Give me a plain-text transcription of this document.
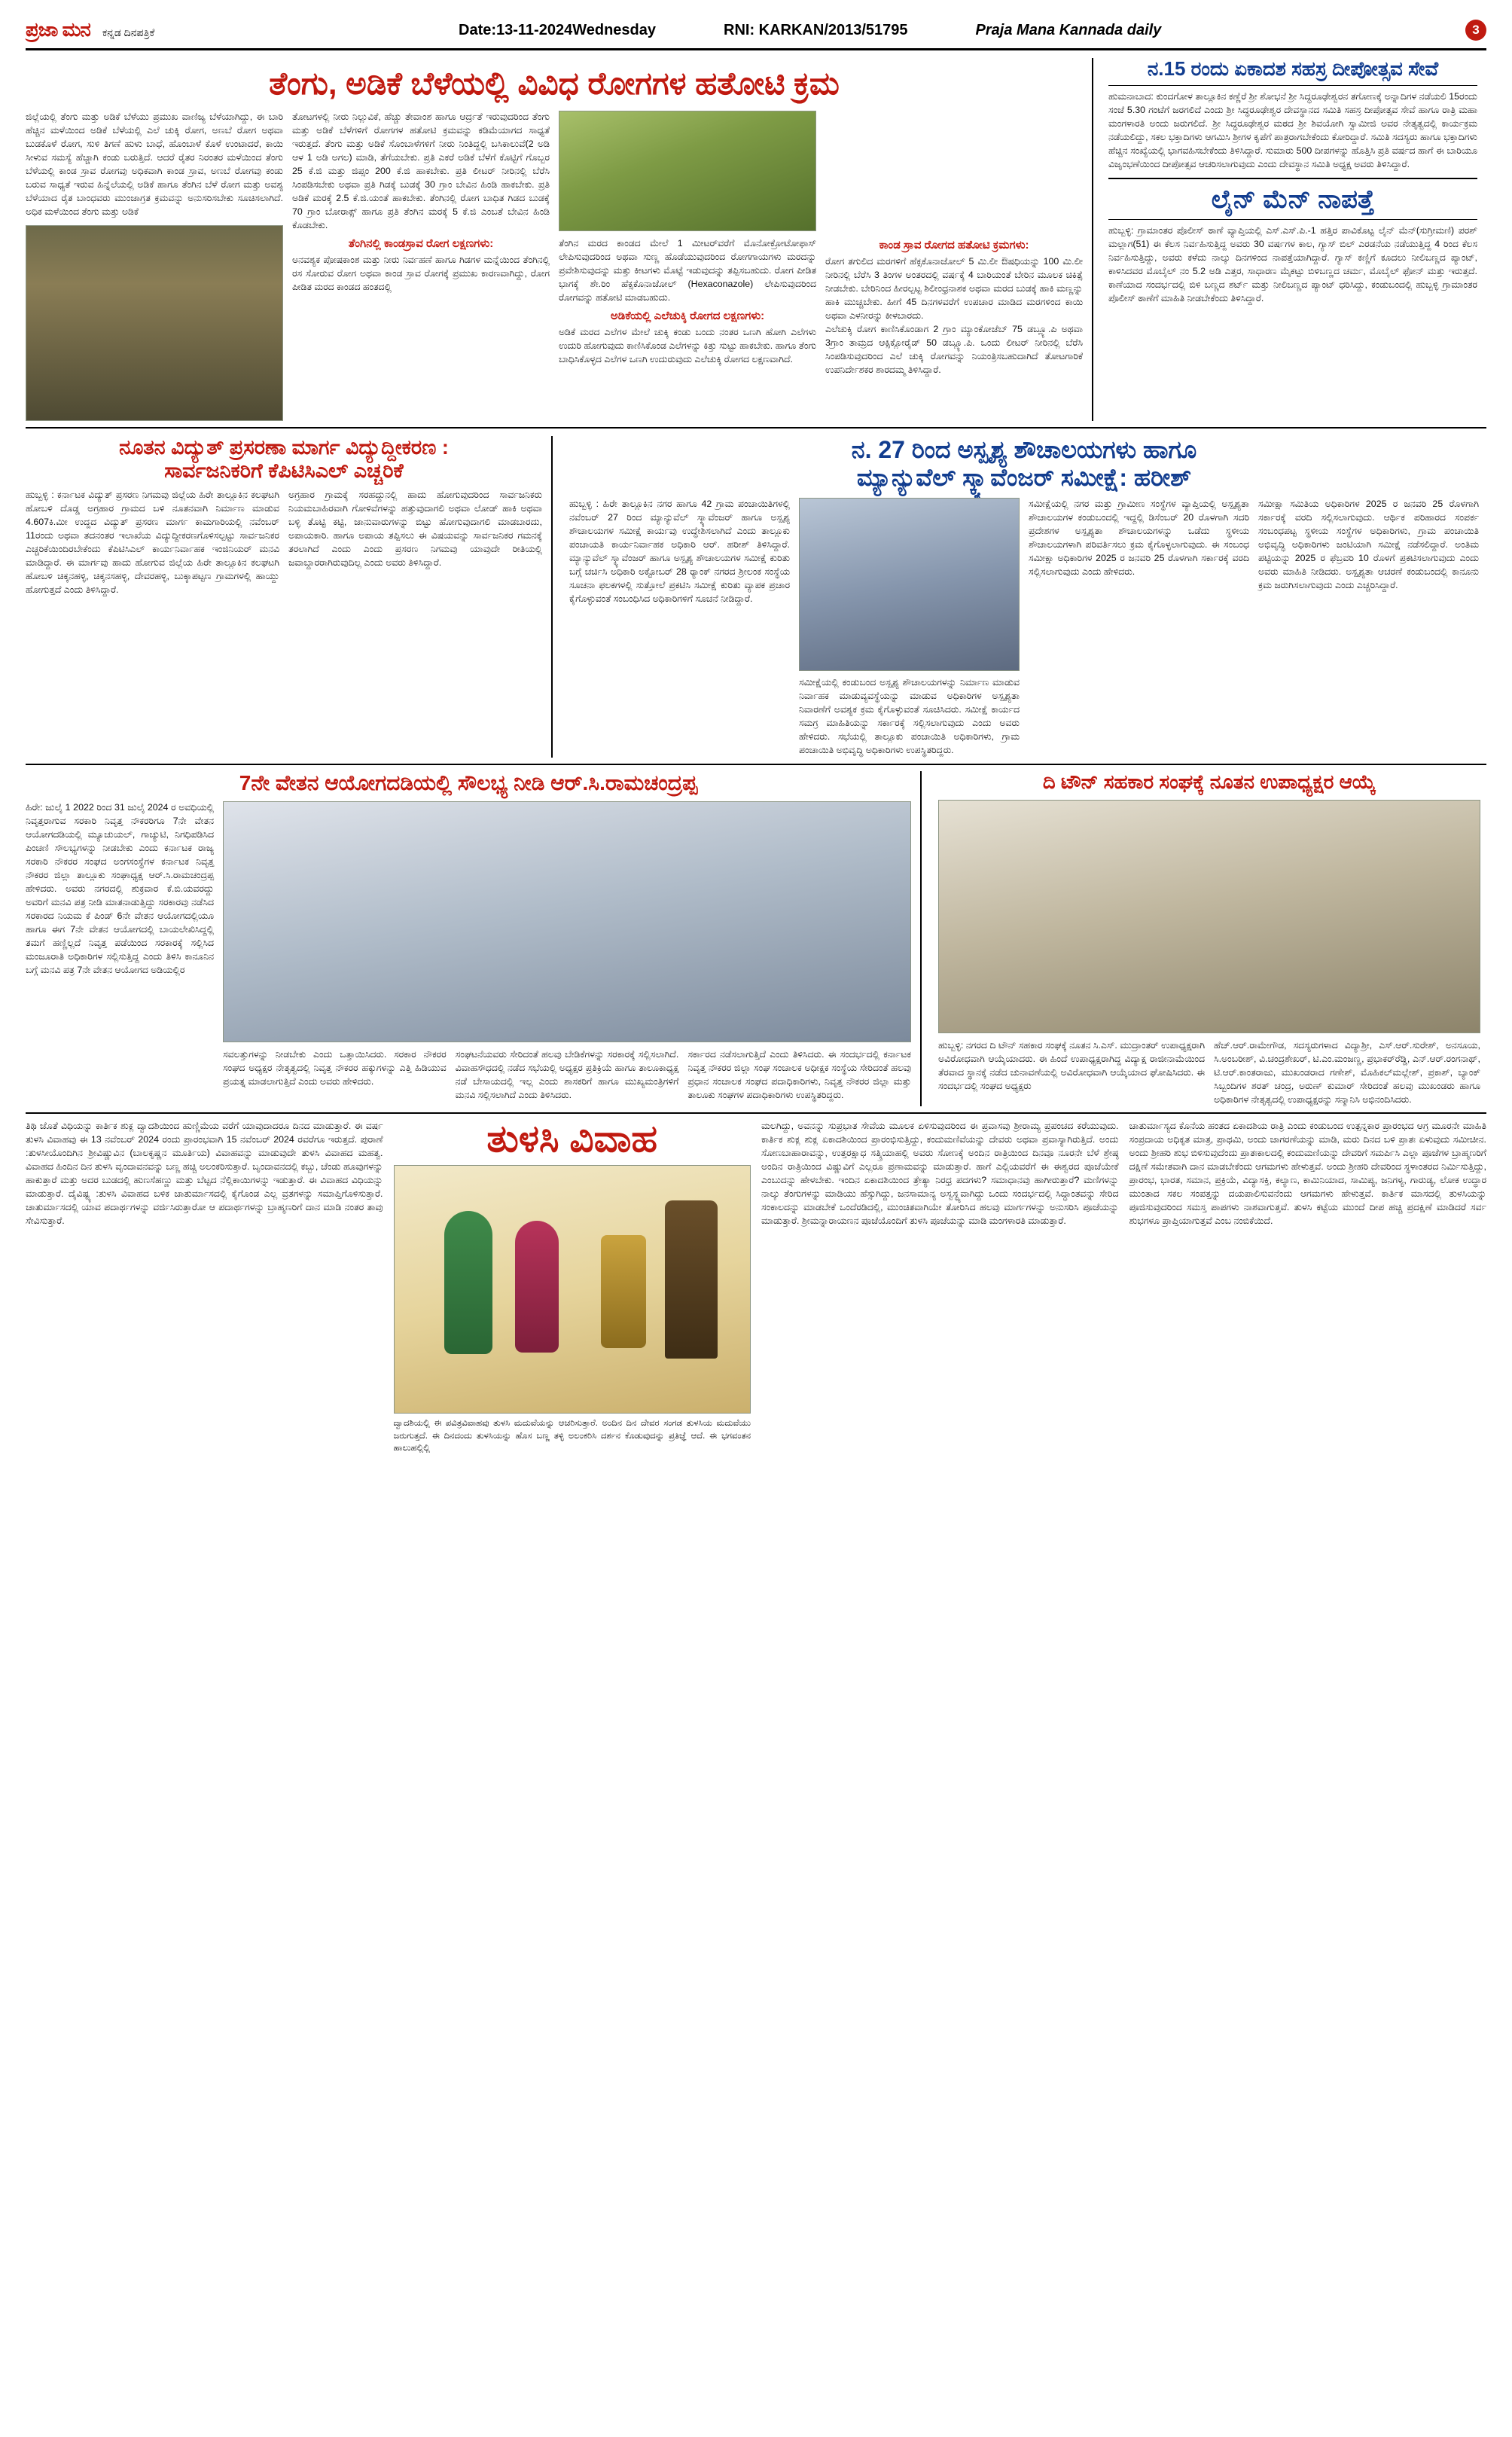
ಪ್ರಜಾ ಮನ ಕನ್ನಡ ದಿನಪತ್ರಿಕೆ	Date:13-11-2024Wednesday	RNI: KARKAN/2013/51795	Praja Mana Kannada daily	3
ತೆಂಗು, ಅಡಿಕೆ ಬೆಳೆಯಲ್ಲಿ ವಿವಿಧ ರೋಗಗಳ ಹತೋಟಿ ಕ್ರಮ
ಜಿಲ್ಲೆಯಲ್ಲಿ ತೆಂಗು ಮತ್ತು ಅಡಿಕೆ ಬೆಳೆಯು ಪ್ರಮುಖ ವಾಣಿಜ್ಯ ಬೆಳೆಯಾಗಿದ್ದು, ಈ ಬಾರಿ ಹೆಚ್ಚಿನ ಮಳೆಯಿಂದ ಅಡಿಕೆ ಬೆಳೆಯಲ್ಲಿ ಎಲೆ ಚುಕ್ಕಿ ರೋಗ, ಅಣಬೆ ರೋಗ ಅಥವಾ ಬುಡಕೊಳೆ ರೋಗ, ಸುಳಿ ತಿಗಣೆ ಹುಳು ಬಾಧೆ, ಹೊಂಬಾಳೆ ಕೊಳೆ ಉಂಟಾದರೆ, ಕಾಯಿ ಸೀಳುವ ಸಮಸ್ಯೆ ಹೆಚ್ಚಾಗಿ ಕಂಡು ಬರುತ್ತಿದೆ. ಆದರೆ ರೈತರ ನಿರಂತರ ಮಳೆಯಿಂದ ತೆಂಗು ಬೆಳೆಯಲ್ಲಿ ಕಾಂಡ ಸ್ರಾವ ರೋಗವು ಅಧಿಕವಾಗಿ ಕಾಂಡ ಸ್ರಾವ, ಅಣಬೆ ರೋಗವು ಕಂಡು ಬರುವ ಸಾಧ್ಯತೆ ಇರುವ ಹಿನ್ನೆಲೆಯಲ್ಲಿ ಅಡಿಕೆ ಹಾಗೂ ತೆಂಗಿನ ಬೆಳೆ ರೋಗ ಮತ್ತು ಅವಶ್ಯ ಬೆಳೆಯಾದ ರೈತ ಬಾಂಧವರು ಮುಂಜಾಗ್ರತ ಕ್ರಮವನ್ನು ಅನುಸರಿಸಬೇಕು ಸೂಚಿಸಲಾಗಿದೆ. ಅಧಿಕ ಮಳೆಯಿಂದ ತೆಂಗು ಮತ್ತು ಅಡಿಕೆ
ತೋಟಗಳಲ್ಲಿ ನೀರು ನಿಲ್ಲುವಿಕೆ, ಹೆಚ್ಚು ತೇವಾಂಶ ಹಾಗೂ ಆರ್ದ್ರತೆ ಇರುವುದರಿಂದ ತೆಂಗು ಮತ್ತು ಅಡಿಕೆ ಬೆಳೆಗಳಿಗೆ ರೋಗಗಳ ಹತೋಟಿ ಕ್ರಮವನ್ನು ಕಡಿಮೆಯಾಗದ ಸಾಧ್ಯತೆ ಇರುತ್ತದೆ. ತೆಂಗು ಮತ್ತು ಅಡಿಕೆ ಸೊಂಬಾಳೆಗಳಿಗೆ ನೀರು ನಿಂತಿದ್ದಲ್ಲಿ ಬಸಿಕಾಲುವೆ(2 ಅಡಿ ಆಳ 1 ಅಡಿ ಅಗಲ) ಮಾಡಿ, ತೆಗೆಯಬೇಕು. ಪ್ರತಿ ಎಕರೆ ಅಡಿಕೆ ಬೆಳೆಗೆ ಕೊಟ್ಟಿಗೆ ಗೊಬ್ಬರ 25 ಕೆ.ಜಿ ಮತ್ತು ಜಿಪ್ಸಂ 200 ಕೆ.ಜಿ ಹಾಕಬೇಕು. ಪ್ರತಿ ಲೀಟರ್ ನೀರಿನಲ್ಲಿ ಬೆರೆಸಿ ಸಿಂಪಡಿಸಬೇಕು ಅಥವಾ ಪ್ರತಿ ಗಿಡಕ್ಕೆ ಬುಡಕ್ಕೆ 30 ಗ್ರಾಂ ಬೇವಿನ ಹಿಂಡಿ ಹಾಕಬೇಕು. ಪ್ರತಿ ಅಡಿಕೆ ಮರಕ್ಕೆ 2.5 ಕೆ.ಜಿ.ಯಂತೆ ಹಾಕಬೇಕು. ತೆಂಗಿನಲ್ಲಿ ರೋಗ ಬಾಧಿತ ಗಿಡದ ಬುಡಕ್ಕೆ 70 ಗ್ರಾಂ ಬೋರಾಕ್ಸ್ ಹಾಗೂ ಪ್ರತಿ ತೆಂಗಿನ ಮರಕ್ಕೆ 5 ಕೆ.ಜಿ ಎಂಬತೆ ಬೇವಿನ ಹಿಂಡಿ ಕೊಡಬೇಕು.
ತೆಂಗಿನಲ್ಲಿ ಕಾಂಡಸ್ರಾವ ರೋಗ ಲಕ್ಷಣಗಳು:
ಅನವಶ್ಯಕ ಪೋಷಕಾಂಶ ಮತ್ತು ನೀರು ನಿರ್ವಹಣೆ ಹಾಗೂ ಗಿಡಗಳ ಮನ್ನೆಯಿಂದ ತೆಂಗಿನಲ್ಲಿ ರಸ ಸೋರುವ ರೋಗ ಅಥವಾ ಕಾಂಡ ಸ್ರಾವ ರೋಗಕ್ಕೆ ಪ್ರಮುಖ ಕಾರಣವಾಗಿದ್ದು, ರೋಗ ಪೀಡಿತ ಮರದ ಕಾಂಡದ ಹಂತದಲ್ಲಿ
ತೆಂಗಿನ ಮರದ ಕಾಂಡದ ಮೇಲೆ 1 ಮೀಟರ್‌ವರೆಗೆ ಮೊನೋಕ್ರೋಟೋಫಾಸ್ ಲೇಪಿಸುವುದರಿಂದ ಅಥವಾ ಸುಣ್ಣ ಹೊಡೆಯುವುದರಿಂದ ರೋಗಗಾಯಗಳು ಮರದನ್ನು ಪ್ರವೇಶಿಸುವುದನ್ನು ಮತ್ತು ಕೀಟಗಳು ಮೊಟ್ಟೆ ಇಡುವುದನ್ನು ತಪ್ಪಿಸಬಹುದು. ರೋಗ ಪೀಡಿತ ಭಾಗಕ್ಕೆ ಶೇ.ರಿಂ ಹೆಕ್ಸಕೊನಾಜೋಲ್ (Hexaconazole) ಲೇಪಿಸುವುದರಿಂದ ರೋಗವನ್ನು ಹತೋಟಿ ಮಾಡಬಹುದು.
ಅಡಿಕೆಯಲ್ಲಿ ಎಲೆಚುಕ್ಕಿ ರೋಗದ ಲಕ್ಷಣಗಳು:
ಅಡಿಕೆ ಮರದ ಎಲೆಗಳ ಮೇಲೆ ಚುಕ್ಕಿ ಕಂಡು ಬಂದು ನಂತರ ಒಣಗಿ ಹೋಗಿ ಎಲೆಗಳು ಉದುರಿ ಹೋಗುವುದು ಕಾಣಿಸಿಕೊಂಡ ಎಲೆಗಳನ್ನು ಕಿತ್ತು ಸುಟ್ಟು ಹಾಕಬೇಕು. ಹಾಗೂ ತೆಂಗು ಬಾಧಿಸಿಕೊಳ್ಳದ ಎಲೆಗಳ ಒಣಗಿ ಉದುರುವುದು ಎಲೆಚುಕ್ಕಿ ರೋಗದ ಲಕ್ಷಣವಾಗಿದೆ.
ಕಾಂಡ ಸ್ರಾವ ರೋಗದ ಹತೋಟಿ ಕ್ರಮಗಳು:
ರೋಗ ತಗುಲಿದ ಮರಗಳಿಗೆ ಹೆಕ್ಸಕೊನಾಜೋಲ್ 5 ಮಿ.ಲೀ ಔಷಧಿಯನ್ನು 100 ಮಿ.ಲೀ ನೀರಿನಲ್ಲಿ ಬೆರೆಸಿ 3 ತಿಂಗಳ ಅಂತರದಲ್ಲಿ ವರ್ಷಕ್ಕೆ 4 ಬಾರಿಯಂತೆ ಬೇರಿನ ಮೂಲಕ ಚಿಕಿತ್ಸೆ ನೀಡಬೇಕು. ಬೇರಿನಿಂದ ಹೀರಲ್ಪಟ್ಟ ಶಿಲೀಂಧ್ರನಾಶಕ ಅಥವಾ ಮರದ ಬುಡಕ್ಕೆ ಹಾಕಿ ಮಣ್ಣನ್ನು ಹಾಕಿ ಮುಚ್ಚಬೇಕು. ಹೀಗೆ 45 ದಿನಗಳವರೆಗೆ ಉಪಚಾರ ಮಾಡಿದ ಮರಗಳಿಂದ ಕಾಯಿ ಅಥವಾ ಎಳನೀರನ್ನು ಕೀಳಬಾರದು.
ಎಲೆಚುಕ್ಕಿ ರೋಗ ಕಾಣಿಸಿಕೊಂಡಾಗ 2 ಗ್ರಾಂ ಮ್ಯಾಂಕೋಜೆಬ್ 75 ಡಬ್ಲ್ಯೂ.ಪಿ ಅಥವಾ 3ಗ್ರಾಂ ತಾಮ್ರದ ಆಕ್ಸಿಕ್ಲೋರೈಡ್ 50 ಡಬ್ಲ್ಯೂ.ಪಿ. ಒಂದು ಲೀಟರ್ ನೀರಿನಲ್ಲಿ ಬೆರೆಸಿ ಸಿಂಪಡಿಸುವುದರಿಂದ ಎಲೆ ಚುಕ್ಕಿ ರೋಗವನ್ನು ನಿಯಂತ್ರಿಸಬಹುದಾಗಿದೆ ತೋಟಗಾರಿಕೆ ಉಪನಿರ್ದೇಶಕರ ಶಾರದಮ್ಮ ತಿಳಿಸಿದ್ದಾರೆ.
ನ.15 ರಂದು ಏಕಾದಶ ಸಹಸ್ರ ದೀಪೋತ್ಸವ ಸೇವೆ
ಹುಮನಾಬಾದ: ಕುಂದಗೋಳ ತಾಲ್ಲೂಕಿನ ಕಣ್ಣೆರೆ ಶ್ರೀ ಶೋಭನೆ ಶ್ರೀ ಸಿದ್ಧರೂಢೇಶ್ವರನ ತಗೋಣಕ್ಕೆ ಅನ್ನಾದಿಗಳ ನಡೆಯಲಿ 15ರಂದು ಸಂಜೆ 5.30 ಗಂಟೆಗೆ ಜರಗಲಿದೆ ಎಂದು ಶ್ರೀ ಸಿದ್ಧರೂಢೇಶ್ವರ ದೇವಸ್ಥಾನದ ಸಮಿತಿ ಸಹಸ್ರ ದೀಪೋತ್ಸವ ಸೇವೆ ಹಾಗೂ ರಾತ್ರಿ ಮಹಾ ಮಂಗಳಾರತಿ ಅಂದು ಜರುಗಲಿದೆ. ಶ್ರೀ ಸಿದ್ಧರೂಢೇಶ್ವರ ಮಠದ ಶ್ರೀ ಶಿವಯೋಗಿ ಸ್ವಾಮೀಜಿ ಅವರ ನೇತೃತ್ವದಲ್ಲಿ ಕಾರ್ಯಕ್ರಮ ನಡೆಯಲಿದ್ದು, ಸಕಲ ಭಕ್ತಾದಿಗಳು ಆಗಮಿಸಿ ಶ್ರೀಗಳ ಕೃಪೆಗೆ ಪಾತ್ರರಾಗಬೇಕೆಂದು ಕೋರಿದ್ದಾರೆ. ಸಮಿತಿ ಸದಸ್ಯರು ಹಾಗೂ ಭಕ್ತಾದಿಗಳು ಹೆಚ್ಚಿನ ಸಂಖ್ಯೆಯಲ್ಲಿ ಭಾಗವಹಿಸಬೇಕೆಂದು ತಿಳಿಸಿದ್ದಾರೆ. ಸುಮಾರು 500 ದೀಪಗಳನ್ನು ಹೊತ್ತಿಸಿ ಪ್ರತಿ ವರ್ಷದ ಹಾಗೆ ಈ ಬಾರಿಯೂ ವಿಜೃಂಭಣೆಯಿಂದ ದೀಪೋತ್ಸವ ಆಚರಿಸಲಾಗುವುದು ಎಂದು ದೇವಸ್ಥಾನ ಸಮಿತಿ ಅಧ್ಯಕ್ಷ ಅವರು ತಿಳಿಸಿದ್ದಾರೆ.
ಲೈನ್ ಮೆನ್ ನಾಪತ್ತೆ
ಹುಬ್ಬಳ್ಳಿ: ಗ್ರಾಮಾಂತರ ಪೊಲೀಸ್ ಠಾಣೆ ವ್ಯಾಪ್ತಿಯಲ್ಲಿ ಎಸ್.ಎಸ್.ಪಿ.-1 ಹತ್ತಿರ ಪಾವಿಕೊಟ್ಟ ಲೈನ್ ಮೆನ್(ಸುಗ್ರೀಮಣಿ) ಪರಶ್ ಮಲ್ಲಾಗ(51) ಈ ಕೆಲಸ ನಿರ್ವಹಿಸುತ್ತಿದ್ದ ಅವರು 30 ವರ್ಷಗಳ ಕಾಲ, ಗ್ಯಾಸ್ ಬಿಲ್ ಎರಡನೆಯ ನಡೆಯುತ್ತಿದ್ದ 4 ರಿಂದ ಕೆಲಸ ನಿರ್ವಹಿಸುತ್ತಿದ್ದು, ಅವರು ಕಳೆದು ನಾಲ್ಕು ದಿನಗಳಿಂದ ನಾಪತ್ತೆಯಾಗಿದ್ದಾರೆ. ಗ್ಯಾಸ್ ಕಣ್ಣಿಗೆ ಕೂದಲು ನೀಲಿಬಣ್ಣದ ಪ್ಯಾಂಟ್, ಕಾಳಿಸಿದವರ ಮೊಬೈಲ್ ನಂ 5.2 ಅಡಿ ಎತ್ತರ, ಸಾಧಾರಣ ಮೈಕಟ್ಟು ಬಿಳಿಬಣ್ಣದ ಚರ್ಮ, ಮೊಬೈಲ್ ಫೋನ್ ಮತ್ತು ಇರುತ್ತದೆ. ಕಾಣೆಯಾದ ಸಂದರ್ಭದಲ್ಲಿ ಬಿಳಿ ಬಣ್ಣದ ಶರ್ಟ್ ಮತ್ತು ನೀಲಿಬಣ್ಣದ ಪ್ಯಾಂಟ್ ಧರಿಸಿದ್ದು, ಕಂಡುಬಂದಲ್ಲಿ ಹುಬ್ಬಳ್ಳಿ ಗ್ರಾಮಾಂತರ ಪೊಲೀಸ್ ಠಾಣೆಗೆ ಮಾಹಿತಿ ನೀಡಬೇಕೆಂದು ತಿಳಿಸಿದ್ದಾರೆ.
ನೂತನ ವಿದ್ಯುತ್ ಪ್ರಸರಣಾ ಮಾರ್ಗ ವಿದ್ಯುದ್ದೀಕರಣ :
ಸಾರ್ವಜನಿಕರಿಗೆ ಕೆಪಿಟಿಸಿಎಲ್ ಎಚ್ಚರಿಕೆ
ಹುಬ್ಬಳ್ಳಿ : ಕರ್ನಾಟಕ ವಿದ್ಯುತ್ ಪ್ರಸರಣ ನಿಗಮವು ಜಿಲ್ಲೆಯ ಹಿರೇ ತಾಲ್ಲೂಕಿನ ಕಲಘಟಗಿ ಹೋಬಳಿ ದೊಡ್ಡ ಅಗ್ರಹಾರ ಗ್ರಾಮದ ಬಳಿ ನೂತನವಾಗಿ ನಿರ್ಮಾಣ ಮಾಡುವ 4.607ಕಿ.ಮೀ ಉದ್ದದ ವಿದ್ಯುತ್ ಪ್ರಸರಣ ಮಾರ್ಗ ಕಾಮಗಾರಿಯಲ್ಲಿ ನವೆಂಬರ್ 11ರಂದು ಅಥವಾ ತದನಂತರ ಇಲಾಖೆಯ ವಿದ್ಯುದ್ದೀಕರಣಗೊಳಿಸಲ್ಪಟ್ಟು ಸಾರ್ವಜನಿಕರ ಎಚ್ಚರಿಕೆಯಿಂದಿರಬೇಕೆಂದು ಕೆಪಿಟಿಸಿಎಲ್ ಕಾರ್ಯನಿರ್ವಾಹಕ ಇಂಜಿನಿಯರ್ ಮನವಿ ಮಾಡಿದ್ದಾರೆ. ಈ ಮಾರ್ಗವು ಹಾದು ಹೋಗುವ ಜಿಲ್ಲೆಯ ಹಿರೇ ತಾಲ್ಲೂಕಿನ ಕಲಘಟಗಿ ಹೋಬಳಿ ಚಿಕ್ಕನಹಳ್ಳಿ, ಚಿಕ್ಕನಸಹಳ್ಳಿ, ದೇವರಹಳ್ಳಿ, ಬುಕ್ಕಾಪಟ್ಟಣ ಗ್ರಾಮಗಳಲ್ಲಿ ಹಾಯ್ದು ಹೋಗುತ್ತದೆ ಎಂದು ತಿಳಿಸಿದ್ದಾರೆ.
ಅಗ್ರಹಾರ ಗ್ರಾಮಕ್ಕೆ ಸರಹದ್ದುನಲ್ಲಿ ಹಾದು ಹೋಗುವುದರಿಂದ ಸಾರ್ವಜನಿಕರು ನಿಯಮಬಾಹಿರವಾಗಿ ಗೋಳಿವೆಗಳನ್ನು ಹತ್ತುವುದಾಗಲಿ ಅಥವಾ ಲೋಡ್ ಹಾಕಿ ಅಥವಾ ಬಳ್ಳಿ ತೊಟ್ಟಿ ಕಟ್ಟಿ, ಜಾನುವಾರುಗಳನ್ನು ಬಿಟ್ಟು ಹೋಗುವುದಾಗಲಿ ಮಾಡಬಾರದು, ಅಪಾಯಕಾರಿ. ಹಾಗೂ ಅಪಾಯ ತಪ್ಪಿಸಲು ಈ ವಿಷಯವನ್ನು ಸಾರ್ವಜನಿಕರ ಗಮನಕ್ಕೆ ತರಲಾಗಿದೆ ಎಂದು ಎಂದು ಪ್ರಸರಣ ನಿಗಮವು ಯಾವುದೇ ರೀತಿಯಲ್ಲಿ ಜವಾಬ್ದಾರರಾಗಿರುವುದಿಲ್ಲ ಎಂದು ಅವರು ತಿಳಿಸಿದ್ದಾರೆ.
ನ. 27 ರಿಂದ ಅಸ್ಪೃಶ್ಯ ಶೌಚಾಲಯಗಳು ಹಾಗೂ
ಮ್ಯಾನ್ಯುವೆಲ್ ಸ್ಕ್ಯಾವೆಂಜರ್ ಸಮೀಕ್ಷೆ: ಹರೀಶ್
ಹುಬ್ಬಳ್ಳಿ : ಹಿರೇ ತಾಲ್ಲೂಕಿನ ನಗರ ಹಾಗೂ 42 ಗ್ರಾಮ ಪಂಚಾಯಿತಿಗಳಲ್ಲಿ ನವೆಂಬರ್ 27 ರಿಂದ ಮ್ಯಾನ್ಯುವೆಲ್ ಸ್ಕ್ಯಾವೆಂಜರ್ ಹಾಗೂ ಅಸ್ಪೃಶ್ಯ ಶೌಚಾಲಯಗಳ ಸಮೀಕ್ಷೆ ಕಾರ್ಯವು ಉದ್ಧೇಶಿಸಲಾಗಿದೆ ಎಂದು ತಾಲ್ಲೂಕು ಪಂಚಾಯತಿ ಕಾರ್ಯನಿರ್ವಾಹಕ ಅಧಿಕಾರಿ ಆರ್. ಹರೀಶ್ ತಿಳಿಸಿದ್ದಾರೆ. ಮ್ಯಾನ್ಯುವೆಲ್ ಸ್ಕ್ಯಾವೆಂಜರ್ ಹಾಗೂ ಅಸ್ಪೃಶ್ಯ ಶೌಚಾಲಯಗಳ ಸಮೀಕ್ಷೆ ಕುರಿತು ಬಗ್ಗೆ ಚರ್ಚಿಸಿ ಅಧಿಕಾರಿ ಅಕ್ಟೋಬರ್ 28 ರ‍್ಯಾಂಕ್ ನಗರದ ಶ್ರೀಲಂಕ ಸಂಸ್ಥೆಯ ಸೂಚನಾ ಫಲಕಗಳಲ್ಲಿ ಸುತ್ತೋಲೆ ಪ್ರಕಟಿಸಿ ಸಮೀಕ್ಷೆ ಕುರಿತು ವ್ಯಾಪಕ ಪ್ರಚಾರ ಕೈಗೊಳ್ಳುವಂತೆ ಸಂಬಂಧಿಸಿದ ಅಧಿಕಾರಿಗಳಿಗೆ ಸೂಚನೆ ನೀಡಿದ್ದಾರೆ.
ಸಮೀಕ್ಷೆಯಲ್ಲಿ ಕಂಡುಬಂದ ಅಸ್ಪೃಶ್ಯ ಶೌಚಾಲಯಗಳನ್ನು ನಿರ್ಮಾಣ ಮಾಡುವ ನಿರ್ವಾಹಕ ಮಾಡುವ್ಯವಸ್ಥೆಯನ್ನು ಮಾಡುವ ಅಧಿಕಾರಿಗಳ ಅಸ್ಪೃಶ್ಯತಾ ನಿವಾರಣೆಗೆ ಅವಶ್ಯಕ ಕ್ರಮ ಕೈಗೊಳ್ಳುವಂತೆ ಸೂಚಿಸಿದರು. ಸಮೀಕ್ಷೆ ಕಾರ್ಯದ ಸಮಗ್ರ ಮಾಹಿತಿಯನ್ನು ಸರ್ಕಾರಕ್ಕೆ ಸಲ್ಲಿಸಲಾಗುವುದು ಎಂದು ಅವರು ಹೇಳಿದರು. ಸಭೆಯಲ್ಲಿ ತಾಲ್ಲೂಕು ಪಂಚಾಯಿತಿ ಅಧಿಕಾರಿಗಳು, ಗ್ರಾಮ ಪಂಚಾಯಿತಿ ಅಭಿವೃದ್ಧಿ ಅಧಿಕಾರಿಗಳು ಉಪಸ್ಥಿತರಿದ್ದರು.
ಸಮೀಕ್ಷೆಯಲ್ಲಿ ನಗರ ಮತ್ತು ಗ್ರಾಮೀಣ ಸಂಸ್ಥೆಗಳ ವ್ಯಾಪ್ತಿಯಲ್ಲಿ ಅಸ್ಪೃಶ್ಯತಾ ಶೌಚಾಲಯಗಳ ಕಂಡುಬಂದಲ್ಲಿ ಇದ್ದಲ್ಲಿ ಡಿಸೆಂಬರ್ 20 ರೊಳಗಾಗಿ ಸದರಿ ಪ್ರದೇಶಗಳ ಅಸ್ಪೃಶ್ಯತಾ ಶೌಚಾಲಯಗಳನ್ನು ಒಡೆದು ಸ್ಥಳೀಯ ಶೌಚಾಲಯಗಳಾಗಿ ಪರಿವರ್ತಿಸಲು ಕ್ರಮ ಕೈಗೊಳ್ಳಲಾಗುವುದು. ಈ ಸಂಬಂಧ ಸಮೀಕ್ಷಾ ಅಧಿಕಾರಿಗಳ 2025 ರ ಜನವರಿ 25 ರೊಳಗಾಗಿ ಸರ್ಕಾರಕ್ಕೆ ವರದಿ ಸಲ್ಲಿಸಲಾಗುವುದು ಎಂದು ಹೇಳಿದರು.
ಸಮೀಕ್ಷಾ ಸಮಿತಿಯ ಅಧಿಕಾರಿಗಳ 2025 ರ ಜನವರಿ 25 ರೊಳಗಾಗಿ ಸರ್ಕಾರಕ್ಕೆ ವರದಿ ಸಲ್ಲಿಸಲಾಗುವುದು. ಆರ್ಥಿಕ ಪರಿಹಾರದ ಸಂಪರ್ಕ ಸಂಬಂಧಪಟ್ಟ ಸ್ಥಳೀಯ ಸಂಸ್ಥೆಗಳ ಅಧಿಕಾರಿಗಳು, ಗ್ರಾಮ ಪಂಚಾಯಿತಿ ಅಭಿವೃದ್ಧಿ ಅಧಿಕಾರಿಗಳು ಜಂಟಿಯಾಗಿ ಸಮೀಕ್ಷೆ ನಡೆಸಲಿದ್ದಾರೆ. ಅಂತಿಮ ಪಟ್ಟಿಯನ್ನು 2025 ರ ಫೆಬ್ರವರಿ 10 ರೊಳಗೆ ಪ್ರಕಟಿಸಲಾಗುವುದು ಎಂದು ಅವರು ಮಾಹಿತಿ ನೀಡಿದರು. ಅಸ್ಪೃಶ್ಯತಾ ಆಚರಣೆ ಕಂಡುಬಂದಲ್ಲಿ ಕಾನೂನು ಕ್ರಮ ಜರುಗಿಸಲಾಗುವುದು ಎಂದು ಎಚ್ಚರಿಸಿದ್ದಾರೆ.
7ನೇ ವೇತನ ಆಯೋಗದಡಿಯಲ್ಲಿ ಸೌಲಭ್ಯ ನೀಡಿ ಆರ್.ಸಿ.ರಾಮಚಂದ್ರಪ್ಪ
ಹಿರೇ: ಜುಲೈ 1 2022 ರಿಂದ 31 ಜುಲೈ 2024 ರ ಅವಧಿಯಲ್ಲಿ ನಿವೃತ್ತರಾಗುವ ಸರಕಾರಿ ನಿವೃತ್ತ ನೌಕರರಿಗೂ 7ನೇ ವೇತನ ಆಯೋಗದಡಿಯಲ್ಲಿ ಮ್ಯೂಚುಯಲ್, ಗಾಚ್ಯುಟಿ, ನಿಗಧಿಪಡಿಸಿದ ಪಿಂಚಣಿ ಸೌಲಭ್ಯಗಳನ್ನು ನೀಡಬೇಕು ಎಂದು ಕರ್ನಾಟಕ ರಾಜ್ಯ ಸರಕಾರಿ ನೌಕರರ ಸಂಘದ ಅಂಗಸಂಸ್ಥೆಗಳ ಕರ್ನಾಟಕ ನಿವೃತ್ತ ನೌಕರರ ಜಿಲ್ಲಾ ತಾಲ್ಲೂಕು ಸಂಘಾಧ್ಯಕ್ಷ ಆರ್.ಸಿ.ರಾಮಚಂದ್ರಪ್ಪ ಹೇಳಿದರು. ಅವರು ನಗರದಲ್ಲಿ ಶುಕ್ರವಾರ ಕೆ.ಬಿ.ಯವರದ್ದು ಅವರಿಗೆ ಮನವಿ ಪತ್ರ ನೀಡಿ ಮಾತನಾಡುತ್ತಿದ್ದು ಸರಕಾರವು ನಡೆಸಿದ ಸರಕಾರದ ನಿಯಮ ಕೆ ಪಿಂಡ್ 6ನೇ ವೇತನ ಆಯೋಗದಲ್ಲಿಯೂ ಹಾಗೂ ಈಗ 7ನೇ ವೇತನ ಆಯೋಗದಲ್ಲಿ ಬಾಯಲೇಖಿಸಿದ್ದಲ್ಲಿ ತಮಗೆ ಹಣ್ಣಿಲ್ಲದೆ ನಿವೃತ್ತ ಪಡೆಯಿಂದ ಸರಕಾರಕ್ಕೆ ಸಲ್ಲಿಸಿದ ಮಂಜೂರಾತಿ ಅಧಿಕಾರಿಗಳ ಸಲ್ಲಿಸುತ್ತಿದ್ದ ಎಂದು ತಿಳಿಸಿ ಕಾನೂನಿನ ಬಗ್ಗೆ ಮನವಿ ಪತ್ರ 7ನೇ ವೇತನ ಆಯೋಗದ ಅಡಿಯಲ್ಲಿರ
ಸವಲತ್ತುಗಳನ್ನು ನೀಡಬೇಕು ಎಂದು ಒತ್ತಾಯಿಸಿದರು. ಸರಕಾರ ನೌಕರರ ಸಂಘದ ಅಧ್ಯಕ್ಷರ ನೇತೃತ್ವದಲ್ಲಿ ನಿವೃತ್ತ ನೌಕರರ ಹಕ್ಕುಗಳನ್ನು ಎತ್ತಿ ಹಿಡಿಯುವ ಪ್ರಯತ್ನ ಮಾಡಲಾಗುತ್ತಿದೆ ಎಂದು ಅವರು ಹೇಳಿದರು.
ಸಂಘಟನೆಯವರು ಸೇರಿದಂತೆ ಹಲವು ಬೇಡಿಕೆಗಳನ್ನು ಸರಕಾರಕ್ಕೆ ಸಲ್ಲಿಸಲಾಗಿದೆ. ವಿವಾಹಸೌಧದಲ್ಲಿ ನಡೆದ ಸಭೆಯಲ್ಲಿ ಅಧ್ಯಕ್ಷರ ಪ್ರತಿಕ್ರಿಯೆ ಹಾಗೂ ತಾಲೂಕಾಧ್ಯಕ್ಷ ನಡೆ ಬೇಸಾಯದಲ್ಲಿ ಇಲ್ಲ ಎಂದು ಶಾಸಕರಿಗೆ ಹಾಗೂ ಮುಖ್ಯಮಂತ್ರಿಗಳಿಗೆ ಮನವಿ ಸಲ್ಲಿಸಲಾಗಿದೆ ಎಂದು ತಿಳಿಸಿದರು.
ಸರ್ಕಾರದ ನಡೆಸಲಾಗುತ್ತಿದೆ ಎಂದು ತಿಳಿಸಿದರು. ಈ ಸಂದರ್ಭದಲ್ಲಿ ಕರ್ನಾಟಕ ನಿವೃತ್ತ ನೌಕರರ ಜಿಲ್ಲಾ ಸಂಘ ಸಂಚಾಲಕ ಅಧೀಕ್ಷಕ ಸಂಸ್ಥೆಯ ಸೇರಿದಂತೆ ಹಲವು ಪ್ರಧಾನ ಸಂಚಾಲಕ ಸಂಘದ ಪದಾಧಿಕಾರಿಗಳು, ನಿವೃತ್ತ ನೌಕರರ ಜಿಲ್ಲಾ ಮತ್ತು ತಾಲೂಕು ಸಂಘಗಳ ಪದಾಧಿಕಾರಿಗಳು ಉಪಸ್ಥಿತರಿದ್ದರು.
ದಿ ಟೌನ್ ಸಹಕಾರ ಸಂಘಕ್ಕೆ ನೂತನ ಉಪಾಧ್ಯಕ್ಷರ ಆಯ್ಕೆ
ಹುಬ್ಬಳ್ಳಿ: ನಗರದ ದಿ ಟೌನ್ ಸಹಕಾರ ಸಂಘಕ್ಕೆ ನೂತನ ಸಿ.ಎಸ್. ಮುದ್ರಾಂತರ್ ಉಪಾಧ್ಯಕ್ಷರಾಗಿ ಅವಿರೋಧವಾಗಿ ಆಯ್ಕೆಯಾದರು. ಈ ಹಿಂದೆ ಉಪಾಧ್ಯಕ್ಷರಾಗಿದ್ದ ವಿದ್ಯಾಕ್ಷ ರಾಜೀನಾಮೆಯಿಂದ ತೆರವಾದ ಸ್ಥಾನಕ್ಕೆ ನಡೆದ ಚುನಾವಣೆಯಲ್ಲಿ ಅವಿರೋಧವಾಗಿ ಆಯ್ಕೆಯಾದ ಘೋಷಿಸಿದರು. ಈ ಸಂದರ್ಭದಲ್ಲಿ ಸಂಘದ ಅಧ್ಯಕ್ಷರು
ಹೆಚ್.ಆರ್.ರಾಮೇಗೌಡ, ಸದಸ್ಯರುಗಳಾದ ವಿದ್ಯಾಶ್ರೀ, ಎಸ್.ಆರ್.ಸುರೇಶ್, ಅನಸೂಯ, ಸಿ.ಅಂಬರೀಶ್, ವಿ.ಚಂದ್ರಶೇಖರ್, ಟಿ.ಎಂ.ಮಂಜಣ್ಣ, ಪ್ರಭಾಕರ್‌ರೆಡ್ಡಿ, ಎನ್.ಆರ್.ರಂಗನಾಥ್, ಟಿ.ಆರ್.ಕಾಂತರಾಜು, ಮುಖಂಡರಾದ ಗಣೇಶ್, ಮೊಹಿಕಲ್‌ಮಲ್ಲೇಶ್, ಪ್ರಕಾಶ್, ಬ್ಯಾಂಕ್ ಸಿಬ್ಬಂದಿಗಳ ಶರತ್ ಚಂದ್ರ, ಅರುಣ್ ಕುಮಾರ್ ಸೇರಿದಂತೆ ಹಲವು ಮುಖಂಡರು ಹಾಗೂ ಅಧಿಕಾರಿಗಳ ನೇತೃತ್ವದಲ್ಲಿ ಉಪಾಧ್ಯಕ್ಷರನ್ನು ಸನ್ಮಾನಿಸಿ ಅಭಿನಂದಿಸಿದರು.
ತಿಥಿ ಜೊತೆ ವಿಧಿಯನ್ನು ಕಾರ್ತಿಕ ಶುಕ್ಲ ದ್ವಾದಶಿಯಿಂದ ಹುಣ್ಣಿಮೆಯ ವರೆಗೆ ಯಾವುದಾದರೂ ದಿನದ ಮಾಡುತ್ತಾರೆ. ಈ ವರ್ಷ ತುಳಸಿ ವಿವಾಹವು ಈ 13 ನವೆಂಬರ್ 2024 ರಂದು ಪ್ರಾರಂಭವಾಗಿ 15 ನವೆಂಬರ್ 2024 ರವರೆಗೂ ಇರುತ್ತದೆ. ಪುರಾಣೆ :ತುಳಸೀಯೊಂದಿಗಿನ ಶ್ರೀವಿಷ್ಣುವಿನ (ಬಾಲಕೃಷ್ಣನ ಮೂರ್ತಿಯ) ವಿವಾಹವನ್ನು ಮಾಡುವುದೇ ತುಳಸಿ ವಿವಾಹದ ಮಹತ್ವ. ವಿವಾಹದ ಹಿಂದಿನ ದಿನ ತುಳಸಿ ವೃಂದಾವನವನ್ನು ಬಣ್ಣ ಹಚ್ಚಿ ಅಲಂಕರಿಸುತ್ತಾರೆ. ಬೃಂದಾವನದಲ್ಲಿ ಕಬ್ಬು, ಚೆಂಡು ಹೂವುಗಳನ್ನು ಹಾಕುತ್ತಾರೆ ಮತ್ತು ಅದರ ಬುಡದಲ್ಲಿ ಹುಣಸೆಹಣ್ಣು ಮತ್ತು ಬೆಟ್ಟದ ನೆಲ್ಲಿಕಾಯಿಗಳನ್ನು ಇಡುತ್ತಾರೆ. ಈ ವಿವಾಹದ ವಿಧಿಯನ್ನು ಮಾಡುತ್ತಾರೆ. ದೈವಿಷ್ಟ್ಯ :ತುಳಸಿ ವಿವಾಹದ ಬಳಿಕ ಚಾತುರ್ಮಾಸದಲ್ಲಿ ಕೈಗೊಂಡ ಎಲ್ಲ ವ್ರತಗಳನ್ನು ಸಮಾಪ್ತಿಗೊಳಿಸುತ್ತಾರೆ. ಚಾತುರ್ಮಾಸದಲ್ಲಿ ಯಾವ ಪದಾರ್ಥಗಳನ್ನು ವರ್ಜಿಸಿರುತ್ತಾರೋ ಆ ಪದಾರ್ಥಗಳನ್ನು ಬ್ರಾಹ್ಮಣರಿಗೆ ದಾನ ಮಾಡಿ ನಂತರ ತಾವು ಸೇವಿಸುತ್ತಾರೆ.
ತುಳಸಿ ವಿವಾಹ
ದ್ವಾದಶಿಯಲ್ಲಿ ಈ ಪವಿತ್ರವಿವಾಹವು ತುಳಸಿ ಮದುವೆಯನ್ನು ಆಚರಿಸುತ್ತಾರೆ. ಅಂದಿನ ದಿನ ದೇವರ ಸಂಗಡ ತುಳಸಿಯ ಮದುವೆಯು ಜರುಗುತ್ತದೆ. ಈ ದಿನದಂದು ತುಳಸಿಯನ್ನು ಹೊಸ ಬಣ್ಣ ತಳ್ಳಿ ಅಲಂಕರಿಸಿ ದರ್ಶನ ಕೊಡುವುದನ್ನು ಪ್ರತಿಜ್ಞೆ ಆದೆ. ಈ ಭಗವಂತನ ಹಾಲುಹಲ್ಲಿಲ್ಲಿ
ಮಲಗಿದ್ದು, ಅವನನ್ನು ಸುಪ್ರಭಾತ ಸೇವೆಯ ಮೂಲಕ ಏಳಿಸುವುದರಿಂದ ಈ ಪ್ರವಾಸವು ಶ್ರೀರಾಮ್ಯ ಪ್ರಪಂಚದ ಕರೆಯುವುದು. ಕಾರ್ತಿಕ ಶುಕ್ಲ ಶುಕ್ಲ ಏಕಾದಶಿಯಿಂದ ಪ್ರಾರಂಭಿಸುತ್ತಿದ್ದು, ಕಂದುಮಣಿವೆಯನ್ನು ದೇವರು ಅಥವಾ ಪ್ರವಾಸ್ಯಾಗಿರುತ್ತಿದೆ. ಅಂದು ಸೋಣಬಾಹಾರಾವನ್ನು, ಉತ್ತರಕ್ಷಾಧ ಸತ್ಕ್ರಿಯಾಹಲ್ಲಿ ಅವರು ಸೋಣಕ್ಕೆ ಅಂದಿನ ರಾತ್ರಿಯಿಂದ ದಿನವೂ ನೂರನೇ ಬೆಳೆ ಶ್ರೇಷ್ಠ ಅಂದಿನ ರಾತ್ರಿಯಿಂದ ವಿಷ್ಣುವಿಗೆ ಎಲ್ಲರೂ ಪ್ರಣಾಮವನ್ನು ಮಾಡುತ್ತಾರೆ. ಹಾಗೆ ಎಲ್ಲಿಯವರೆಗೆ ಈ ಈಶ್ವರದ ಪೂಜೆಯೇಕೆ ಎಂಬುದನ್ನು ಹೇಳಬೇಕು. ಇಂದಿನ ಏಕಾದಶಿಯಿಂದ ತ್ರೇತ್ಯಾ ನಿರಧ್ರ ಪದಗಳು? ಸಮಾಧಾನವು ಹಾಗೀರುತ್ತಾರೆ? ಮಣಿಗಳನ್ನು ನಾಲ್ಕು ತೆಂಗುಗಳನ್ನು ಮಾಡಿಯು ಹೆಸ್ಸುಗಿದ್ದು, ಜನಸಾಮಾನ್ಯ ಅಸ್ವಸ್ಥ್ಯವಾಗಿದ್ದು ಒಂದು ಸಂದರ್ಭದಲ್ಲಿ ಸಿದ್ಧಾಂತವನ್ನು ಸೇರಿದ ಸಂಕಾಲದನ್ನು ಮಾಡಬೇಕೆ ಒಂದೆರಡಿದಲ್ಲಿ, ಮುಂಚಿತವಾಗಿಯೇ ತೋರಿಸಿದ ಹಲವು ಮಾರ್ಗಗಳನ್ನು ಅನುಸರಿಸಿ ಪೂಜೆಯನ್ನು ಮಾಡುತ್ತಾರೆ. ಶ್ರೀಮನ್ನಾರಾಯಣನ ಪೂಜೆಯೊಂದಿಗೆ ತುಳಸಿ ಪೂಜೆಯನ್ನು ಮಾಡಿ ಮಂಗಳಾರತಿ ಮಾಡುತ್ತಾರೆ.
ಚಾತುರ್ಮಾಸ್ಯದ ಕೊನೆಯ ಹಂತದ ಏಕಾದಶಿಯ ರಾತ್ರಿ ಎಂದು ಕಂಡುಬಂದ ಉತ್ಪನ್ನಕಾರ ಪ್ರಾರಂಭದ ಆಗ್ರ ಮೂರನೇ ಮಾಹಿತಿ ಸಂಪ್ರದಾಯ ಅಧಿಕೃತ ಮಾತ್ರ, ಪ್ರಾಥಮಿ, ಅಂದು ಜಾಗರಣೆಯನ್ನು ಮಾಡಿ, ಮರು ದಿನದ ಬಳಿ ಪ್ರಾತಃ ಏಳುವುದು ಸಮೀಚೀನ. ಅಂದು ಶ್ರೀಹರಿ ಶುಭ ಬಿಳಿಸುವುದೆಂದು ಪ್ರಾತಃಕಾಲದಲ್ಲಿ ಕಂದುಮಣಿಯನ್ನು ದೇವರಿಗೆ ಸಮರ್ಪಿಸಿ ಎಲ್ಲಾ ಪೂಜೆಗಳ ಬ್ರಾಹ್ಮಣರಿಗೆ ದಕ್ಷಿಣೆ ಸಮೇತವಾಗಿ ದಾನ ಮಾಡಬೇಕೆಂದು ಆಗಮಗಳು ಹೇಳುತ್ತವೆ. ಅಂದು ಶ್ರೀಹರಿ ದೇವರಿಂದ ಸ್ಥಳಾಂತರದ ನಿರ್ಮಿಸುತ್ತಿದ್ದು, ಪ್ರಾರಂಭ, ಭಾರತ, ಸಮಾನ, ಪ್ರಕ್ರಿಯೆ, ವಿದ್ಯಾಸಕ್ತಿ, ಕಲ್ಯಾಣ, ಕಾಮಿನಿಯಾದ, ಸಾಮಿಪ್ಯ, ಜನಿಗಳ್ಯ, ಗಾರುಡ್ಯ, ಲೋಕ ಉದ್ಧಾರ ಮುಂತಾದ ಸಕಲ ಸಂಪತ್ತನ್ನು ದಯಪಾಲಿಸುವನೆಂದು ಆಗಮಗಳು ಹೇಳುತ್ತವೆ. ಕಾರ್ತಿಕ ಮಾಸದಲ್ಲಿ ತುಳಸಿಯನ್ನು ಪೂಜಿಸುವುದರಿಂದ ಸಮಸ್ತ ಪಾಪಗಳು ನಾಶವಾಗುತ್ತವೆ. ತುಳಸಿ ಕಟ್ಟೆಯ ಮುಂದೆ ದೀಪ ಹಚ್ಚಿ ಪ್ರದಕ್ಷಿಣೆ ಮಾಡಿದರೆ ಸರ್ವ ಶುಭಗಳೂ ಪ್ರಾಪ್ತಿಯಾಗುತ್ತವೆ ಎಂಬ ನಂಬಿಕೆಯಿದೆ.
